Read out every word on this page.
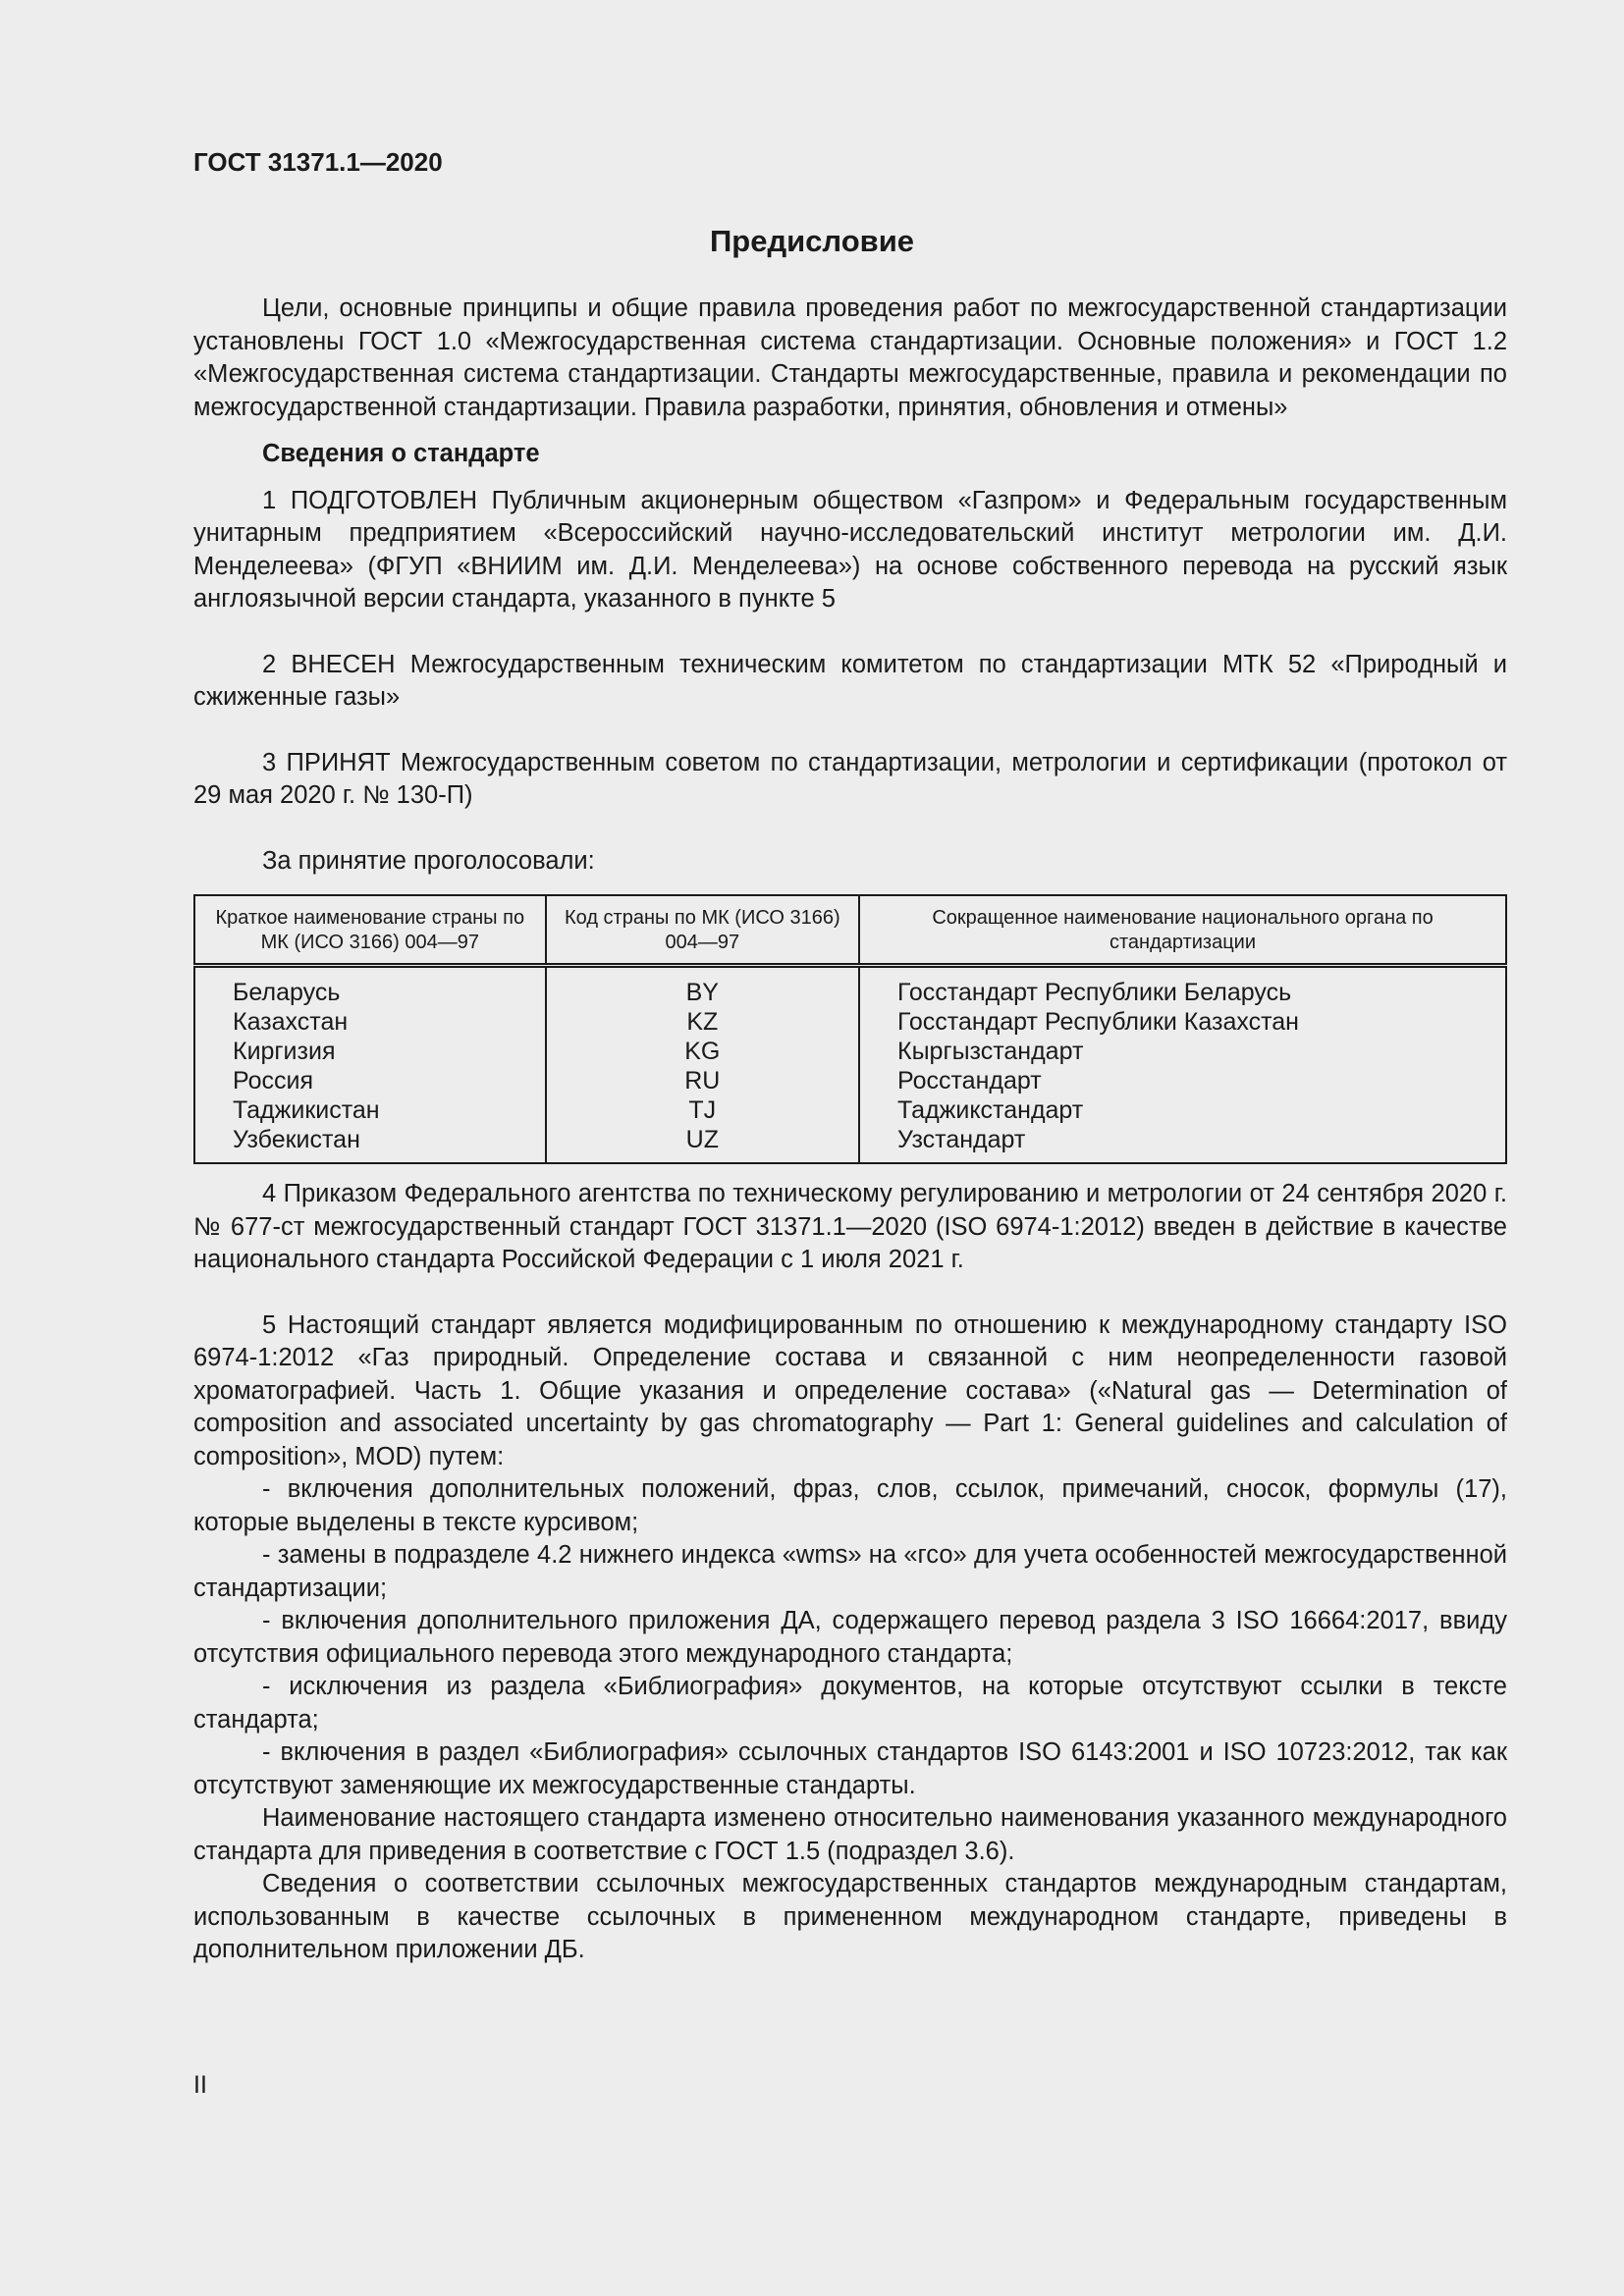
ГОСТ 31371.1—2020
Предисловие

Цели, основные принципы и общие правила проведения работ по межгосударственной стандартизации установлены ГОСТ 1.0 «Межгосударственная система стандартизации. Основные положения» и ГОСТ 1.2 «Межгосударственная система стандартизации. Стандарты межгосударственные, правила и рекомендации по межгосударственной стандартизации. Правила разработки, принятия, обновления и отмены»

Сведения о стандарте

1 ПОДГОТОВЛЕН Публичным акционерным обществом «Газпром» и Федеральным государственным унитарным предприятием «Всероссийский научно-исследовательский институт метрологии им. Д.И. Менделеева» (ФГУП «ВНИИМ им. Д.И. Менделеева») на основе собственного перевода на русский язык англоязычной версии стандарта, указанного в пункте 5

2 ВНЕСЕН Межгосударственным техническим комитетом по стандартизации МТК 52 «Природный и сжиженные газы»

3 ПРИНЯТ Межгосударственным советом по стандартизации, метрологии и сертификации (протокол от 29 мая 2020 г. № 130-П)

За принятие проголосовали:

Краткое наименование страны по МК (ИСО 3166) 004—97	Код страны по МК (ИСО 3166) 004—97	Сокращенное наименование национального органа по стандартизации
Беларусь	BY	Госстандарт Республики Беларусь
Казахстан	KZ	Госстандарт Республики Казахстан
Киргизия	KG	Кыргызстандарт
Россия	RU	Росстандарт
Таджикистан	TJ	Таджикстандарт
Узбекистан	UZ	Узстандарт

4 Приказом Федерального агентства по техническому регулированию и метрологии от 24 сентября 2020 г. № 677-ст межгосударственный стандарт ГОСТ 31371.1—2020 (ISO 6974-1:2012) введен в действие в качестве национального стандарта Российской Федерации с 1 июля 2021 г.

5 Настоящий стандарт является модифицированным по отношению к международному стандарту ISO 6974-1:2012 «Газ природный. Определение состава и связанной с ним неопределенности газовой хроматографией. Часть 1. Общие указания и определение состава» («Natural gas — Determination of composition and associated uncertainty by gas chromatography — Part 1: General guidelines and calculation of composition», MOD) путем:

- включения дополнительных положений, фраз, слов, ссылок, примечаний, сносок, формулы (17), которые выделены в тексте курсивом;

- замены в подразделе 4.2 нижнего индекса «wms» на «гсо» для учета особенностей межгосударственной стандартизации;

- включения дополнительного приложения ДА, содержащего перевод раздела 3 ISO 16664:2017, ввиду отсутствия официального перевода этого международного стандарта;

- исключения из раздела «Библиография» документов, на которые отсутствуют ссылки в тексте стандарта;

- включения в раздел «Библиография» ссылочных стандартов ISO 6143:2001 и ISO 10723:2012, так как отсутствуют заменяющие их межгосударственные стандарты.

Наименование настоящего стандарта изменено относительно наименования указанного международного стандарта для приведения в соответствие с ГОСТ 1.5 (подраздел 3.6).

Сведения о соответствии ссылочных межгосударственных стандартов международным стандартам, использованным в качестве ссылочных в примененном международном стандарте, приведены в дополнительном приложении ДБ.

II
